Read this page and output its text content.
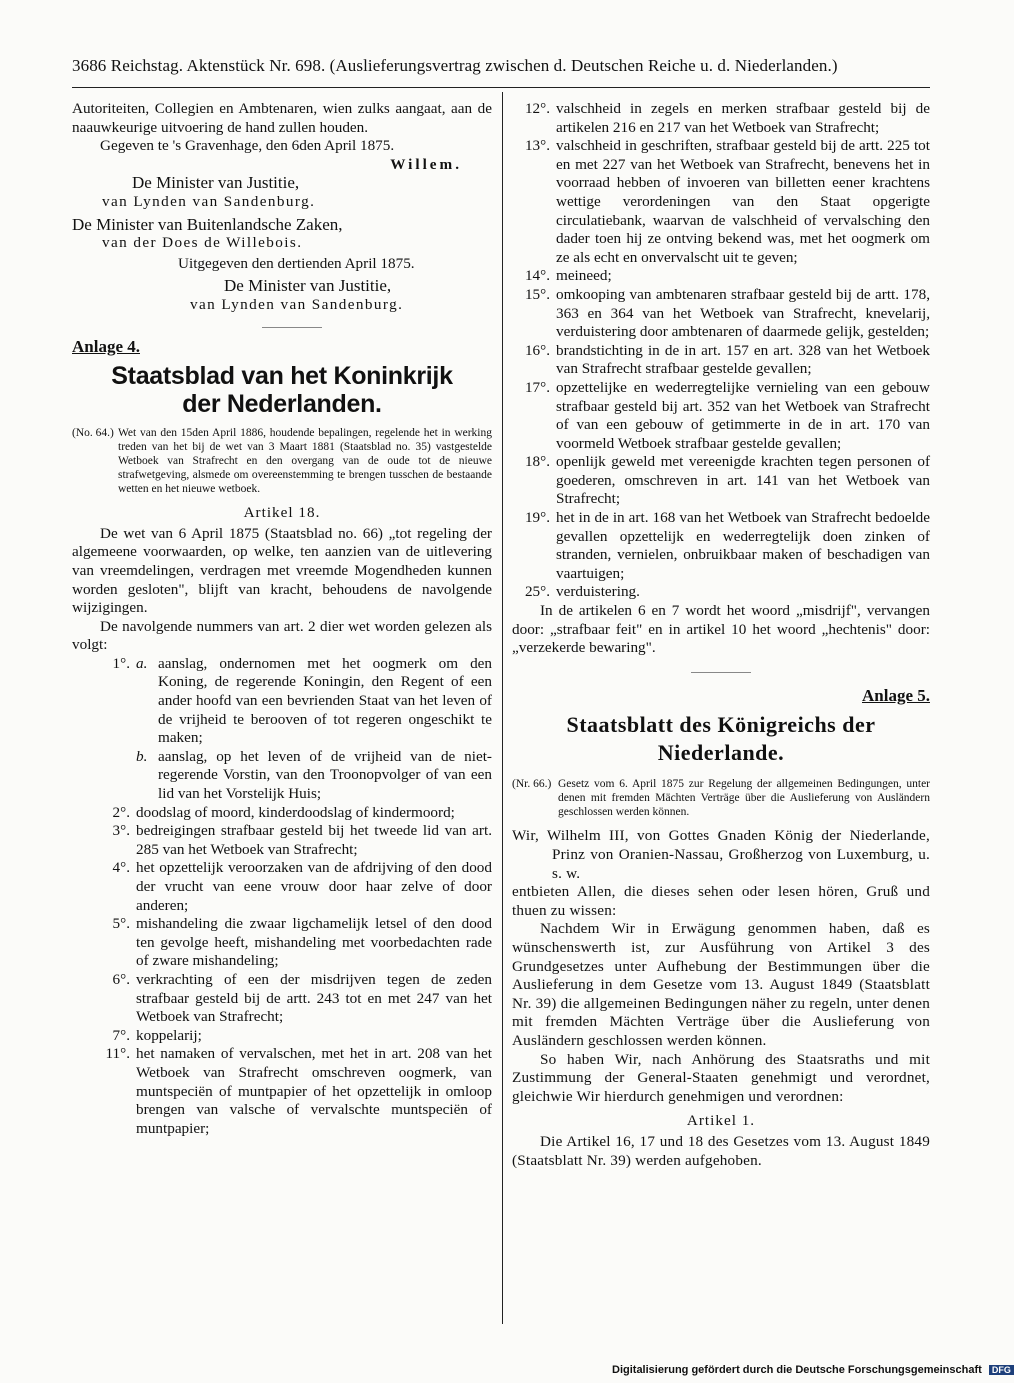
3686 Reichstag. Aktenstück Nr. 698. (Auslieferungsvertrag zwischen d. Deutschen Reiche u. d. Niederlanden.)

Autoriteiten, Collegien en Ambtenaren, wien zulks aangaat, aan de naauwkeurige uitvoering de hand zullen houden.

Gegeven te 's Gravenhage, den 6den April 1875.

Willem.

De Minister van Justitie,

van Lynden van Sandenburg.

De Minister van Buitenlandsche Zaken,

van der Does de Willebois.

Uitgegeven den dertienden April 1875.

De Minister van Justitie,

van Lynden van Sandenburg.

Anlage 4.
Staatsblad van het Koninkrijk
der Nederlanden.
(No. 64.) Wet van den 15den April 1886, houdende bepalingen, regelende het in werking treden van het bij de wet van 3 Maart 1881 (Staatsblad no. 35) vastgestelde Wetboek van Strafrecht en den overgang van de oude tot de nieuwe strafwetgeving, alsmede om overeenstemming te brengen tusschen de bestaande wetten en het nieuwe wetboek.
Artikel 18.

De wet van 6 April 1875 (Staatsblad no. 66) „tot regeling der algemeene voorwaarden, op welke, ten aanzien van de uitlevering van vreemdelingen, verdragen met vreemde Mogendheden kunnen worden gesloten", blijft van kracht, behoudens de navolgende wijzigingen.

De navolgende nummers van art. 2 dier wet worden gelezen als volgt:

1°. a. aanslag, ondernomen met het oogmerk om den Koning, de regerende Koningin, den Regent of een ander hoofd van een bevrienden Staat van het leven of de vrijheid te berooven of tot regeren ongeschikt te maken;
b. aanslag, op het leven of de vrijheid van de niet-regerende Vorstin, van den Troonopvolger of van een lid van het Vorstelijk Huis;
2°. doodslag of moord, kinderdoodslag of kindermoord;
3°. bedreigingen strafbaar gesteld bij het tweede lid van art. 285 van het Wetboek van Strafrecht;
4°. het opzettelijk veroorzaken van de afdrijving of den dood der vrucht van eene vrouw door haar zelve of door anderen;
5°. mishandeling die zwaar ligchamelijk letsel of den dood ten gevolge heeft, mishandeling met voorbedachten rade of zware mishandeling;
6°. verkrachting of een der misdrijven tegen de zeden strafbaar gesteld bij de artt. 243 tot en met 247 van het Wetboek van Strafrecht;
7°. koppelarij;
11°. het namaken of vervalschen, met het in art. 208 van het Wetboek van Strafrecht omschreven oogmerk, van muntspeciën of muntpapier of het opzettelijk in omloop brengen van valsche of vervalschte muntspeciën of muntpapier;
12°. valschheid in zegels en merken strafbaar gesteld bij de artikelen 216 en 217 van het Wetboek van Strafrecht;
13°. valschheid in geschriften, strafbaar gesteld bij de artt. 225 tot en met 227 van het Wetboek van Strafrecht, benevens het in voorraad hebben of invoeren van billetten eener krachtens wettige verordeningen van den Staat opgerigte circulatiebank, waarvan de valschheid of vervalsching den dader toen hij ze ontving bekend was, met het oogmerk om ze als echt en onvervalscht uit te geven;
14°. meineed;
15°. omkooping van ambtenaren strafbaar gesteld bij de artt. 178, 363 en 364 van het Wetboek van Strafrecht, knevelarij, verduistering door ambtenaren of daarmede gelijk, gestelden;
16°. brandstichting in de in art. 157 en art. 328 van het Wetboek van Strafrecht strafbaar gestelde gevallen;
17°. opzettelijke en wederregtelijke vernieling van een gebouw strafbaar gesteld bij art. 352 van het Wetboek van Strafrecht of van een gebouw of getimmerte in de in art. 170 van voormeld Wetboek strafbaar gestelde gevallen;
18°. openlijk geweld met vereenigde krachten tegen personen of goederen, omschreven in art. 141 van het Wetboek van Strafrecht;
19°. het in de in art. 168 van het Wetboek van Strafrecht bedoelde gevallen opzettelijk en wederregtelijk doen zinken of stranden, vernielen, onbruikbaar maken of beschadigen van vaartuigen;
25°. verduistering.

In de artikelen 6 en 7 wordt het woord „misdrijf", vervangen door: „strafbaar feit" en in artikel 10 het woord „hechtenis" door: „verzekerde bewaring".

Anlage 5.
Staatsblatt des Königreichs der Niederlande.
(Nr. 66.) Gesetz vom 6. April 1875 zur Regelung der allgemeinen Bedingungen, unter denen mit fremden Mächten Verträge über die Auslieferung von Ausländern geschlossen werden können.

Wir, Wilhelm III, von Gottes Gnaden König der Niederlande, Prinz von Oranien-Nassau, Großherzog von Luxemburg, u. s. w.

entbieten Allen, die dieses sehen oder lesen hören, Gruß und thuen zu wissen:

Nachdem Wir in Erwägung genommen haben, daß es wünschenswerth ist, zur Ausführung von Artikel 3 des Grundgesetzes unter Aufhebung der Bestimmungen über die Auslieferung in dem Gesetze vom 13. August 1849 (Staatsblatt Nr. 39) die allgemeinen Bedingungen näher zu regeln, unter denen mit fremden Mächten Verträge über die Auslieferung von Ausländern geschlossen werden können.

So haben Wir, nach Anhörung des Staatsraths und mit Zustimmung der General-Staaten genehmigt und verordnet, gleichwie Wir hierdurch genehmigen und verordnen:

Artikel 1.

Die Artikel 16, 17 und 18 des Gesetzes vom 13. August 1849 (Staatsblatt Nr. 39) werden aufgehoben.

Digitalisierung gefördert durch die Deutsche Forschungsgemeinschaft DFG
